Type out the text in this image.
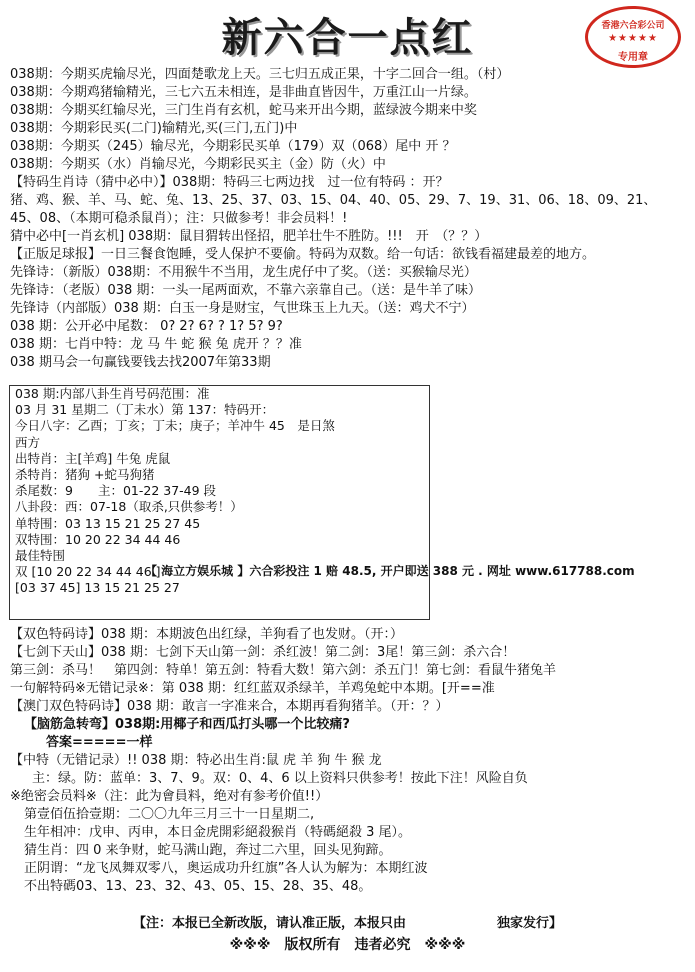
新六合一点红	香港六合彩公司
★★★★★
专用章
038期：今期买虎输尽光，四面楚歌龙上天。三七归五成正果，十字二回合一组。（村）
038期：今期鸡猪输精光，三七六五未相连，是非曲直皆因牛，万重江山一片绿。
038期：今期买红输尽光，三门生肖有玄机，蛇马来开出今期，蓝绿波今期来中奖
038期：今期彩民买(二门)输精光,买(三门,五门)中
038期：今期买（245）输尽光，今期彩民买单（179）双（068）尾中 开 ？
038期：今期买（水）肖输尽光，今期彩民买主（金）防（火）中
【特码生肖诗（猜中必中）】038期：特码三七两边找　过一位有特码 ：开？
猪、鸡、猴、羊、马、蛇、兔、13、25、37、03、15、04、40、05、29、7、19、31、06、18、09、21、
45、08、（本期可稳杀鼠肖）；注：只做参考！非会员料！!
猜中必中[一肖玄机] 038期：鼠目猬转出怪招，肥羊壮牛不胜防。!!!　开　（？？）
【正版足球报】一日三餐食饱睡，受人保护不要偷。特码为双数。给一句话：欲钱看福建最差的地方。
先锋诗：（新版）038期：不用猴牛不当用，龙生虎仔中了奖。（送：买猴输尽光）
先锋诗：（老版）038 期：一头一尾两面欢，不靠六亲靠自己。（送：是牛羊了味）
先锋诗（内部版）038 期：白玉一身是财宝，气世珠玉上九天。（送：鸡犬不宁）
038 期：公开必中尾数： 0? 2? 6? ? 1? 5? 9?
038 期：七肖中特：龙 马 牛 蛇 猴 兔 虎开 ？？准
038 期马会一句赢钱要钱去找2007年第33期
038 期:内部八卦生肖号码范围：准
03 月 31 星期二（丁未水）第 137：特码开：
今日八字：乙酉；丁亥；丁未；庚子；羊冲牛 45　是日煞
西方
出特肖：主[羊鸡] 牛兔 虎鼠
杀特肖：猪狗 +蛇马狗猪
杀尾数：9　　主：01-22 37-49 段
八卦段：西：07-18（取杀,只供参考！）
单特围：03 13 15 21 25 27 45
双特围：10 20 22 34 44 46
最佳特围
双 [10 20 22 34 44 46 ]
[03 37 45] 13 15 21 25 27
【 海立方娱乐城 】六合彩投注 1 赔 48.5, 开户即送 388 元 . 网址 www.617788.com
【双色特码诗】038 期：本期波色出红绿，羊狗看了也发财。（开：）
【七剑下天山】038 期：七剑下天山第一剑：杀红波！第二剑：3尾！第三剑：杀六合！
第三剑：杀马！　第四剑：特单！第五剑：特看大数！第六剑：杀五门！第七剑：看鼠牛猪兔羊
一句解特码※无错记录※：第 038 期：红红蓝双杀绿羊，羊鸡兔蛇中本期。[开==准
【澳门双色特码诗】038 期：敢言一字准来合，本期再看狗猪羊。（开：？）
【脑筋急转弯】038期:用椰子和西瓜打头哪一个比较痛?
答案=====一样
【中特（无错记录）!! 038 期：特必出生肖:鼠 虎 羊 狗 牛 猴 龙
主：绿。防：蓝单：3、7、9。双：0、4、6 以上资料只供参考！按此下注！风险自负
※绝密会员料※（注：此为會員料，绝对有参考价值!!）
第壹佰伍拾壹期：二〇〇九年三月三十一日星期二,
生年相冲：戊申、丙申，本日金虎開彩絕殺猴肖（特碼絕殺 3 尾）。
猜生肖：四 0 来争财，蛇马满山跑，奔过二六里，回头见狗蹄。
正阴谓：“龙飞凤舞双零八，奥运成功升红旗”各人认为解为：本期红波
不出特碼03、13、23、32、43、05、15、28、35、48。
【注：本报已全新改版，请认准正版，本报只由　　　　　　　独家发行】
※※※　版权所有　违者必究　※※※
